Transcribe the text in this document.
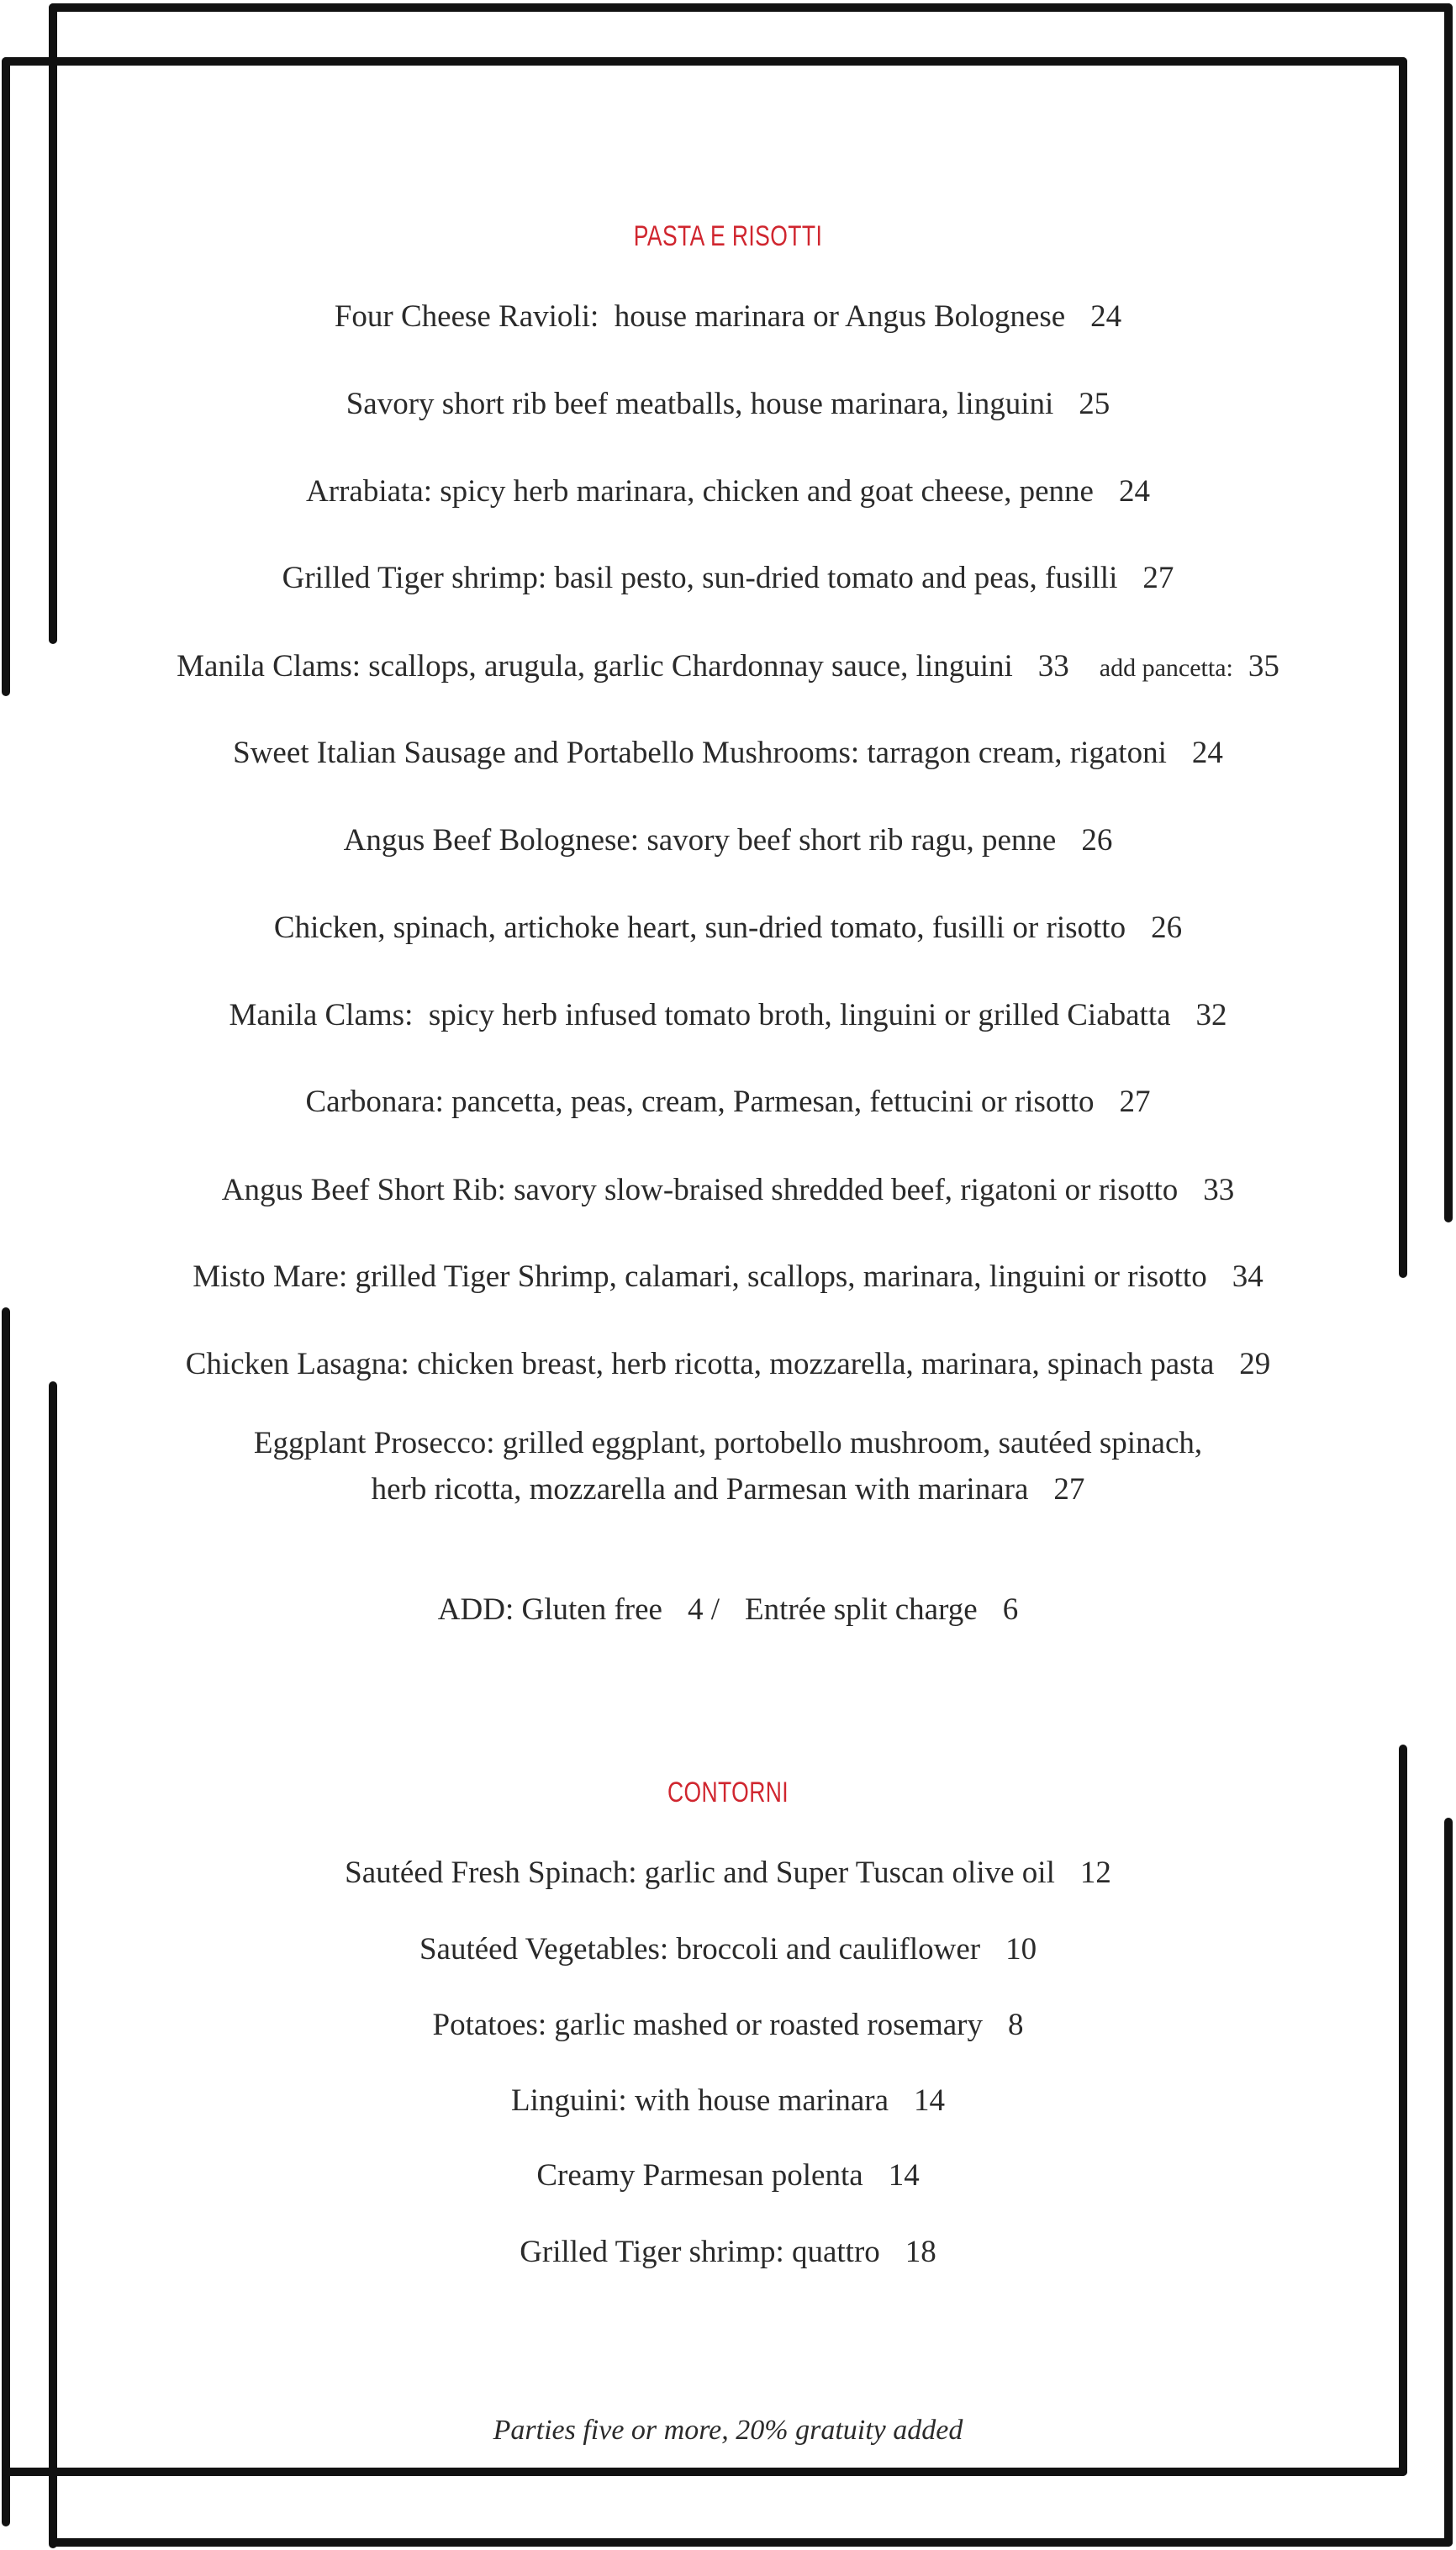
PASTA E RISOTTI
Four Cheese Ravioli:  house marinara or Angus Bolognese 24
Savory short rib beef meatballs, house marinara, linguini 25
Arrabiata: spicy herb marinara, chicken and goat cheese, penne 24
Grilled Tiger shrimp: basil pesto, sun-dried tomato and peas, fusilli 27
Manila Clams: scallops, arugula, garlic Chardonnay sauce, linguini 33 add pancetta: 35
Sweet Italian Sausage and Portabello Mushrooms: tarragon cream, rigatoni 24
Angus Beef Bolognese: savory beef short rib ragu, penne 26
Chicken, spinach, artichoke heart, sun-dried tomato, fusilli or risotto 26
Manila Clams:  spicy herb infused tomato broth, linguini or grilled Ciabatta 32
Carbonara: pancetta, peas, cream, Parmesan, fettucini or risotto 27
Angus Beef Short Rib: savory slow-braised shredded beef, rigatoni or risotto 33
Misto Mare: grilled Tiger Shrimp, calamari, scallops, marinara, linguini or risotto 34
Chicken Lasagna: chicken breast, herb ricotta, mozzarella, marinara, spinach pasta 29
Eggplant Prosecco: grilled eggplant, portobello mushroom, sautéed spinach,
herb ricotta, mozzarella and Parmesan with marinara 27
ADD: Gluten free 4 / Entrée split charge 6
CONTORNI
Sautéed Fresh Spinach: garlic and Super Tuscan olive oil 12
Sautéed Vegetables: broccoli and cauliflower 10
Potatoes: garlic mashed or roasted rosemary 8
Linguini: with house marinara 14
Creamy Parmesan polenta 14
Grilled Tiger shrimp: quattro 18
Parties five or more, 20% gratuity added
